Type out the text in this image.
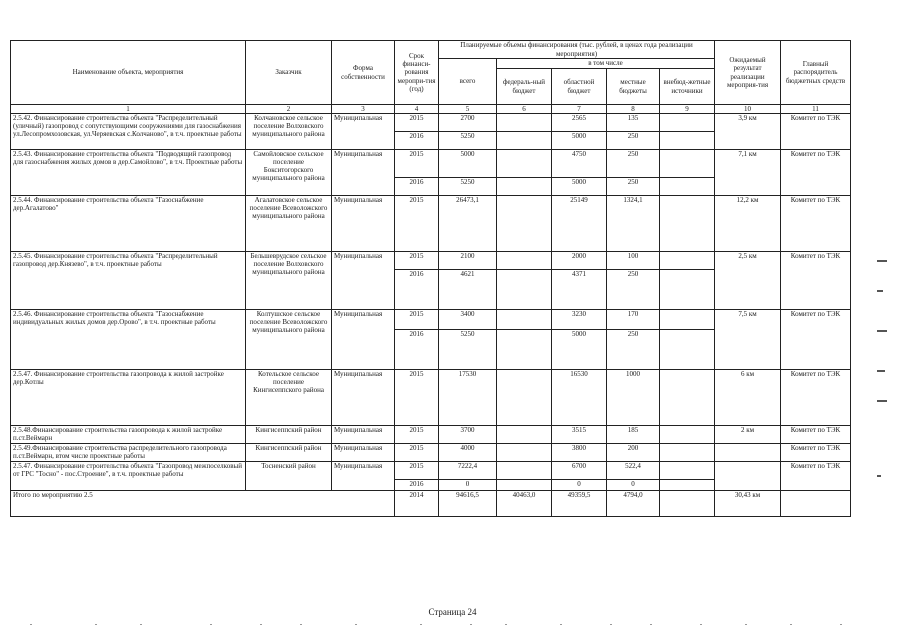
Наименование объекта, мероприятия	Заказчик	Форма собственности	Срок финанси-рования меропри-тия (год)	Планируемые объемы финансирования (тыс. рублей, в ценах года реализации мероприятия)					Ожидаемый результат реализации мероприя-тия	Главный распорядитель бюджетных средств
				всего	в том числе					
					федераль-ный бюджет	областной бюджет	местные бюджеты	внебюд-жетные источники		
1	2	3	4	5	6	7	8	9	10	11
2.5.42. Финансирование строительства объекта "Распределительный (уличный) газопровод с сопутствующими сооружениями для газоснабжения ул.Лесопромхозовская, ул.Черяевская с.Колчаново", в т.ч. проектные работы	Колчановское сельское поселение Волховского муниципального района	Муниципальная	2015	2700		2565	135		3,9 км	Комитет по ТЭК
			2016	5250		5000	250			
2.5.43. Финансирование строительства объекта "Подводящий газопровод для газоснабжения жилых домов в дер.Самойлово", в т.ч. Проектные работы	Самойловское сельское поселение Бокситогорского муниципального района	Муниципальная	2015	5000		4750	250		7,1 км	Комитет по ТЭК
			2016	5250		5000	250			
2.5.44. Финансирование строительства объекта "Газоснабжение дер.Агалатово"	Агалатовское сельское поселение Всеволожского муниципального района	Муниципальная	2015	26473,1		25149	1324,1		12,2 км	Комитет по ТЭК
2.5.45. Финансирование строительства объекта "Распределительный газопровод дер.Князево", в т.ч. проектные работы	Бельшеврудское сельское поселение Волховского муниципального района	Муниципальная	2015	2100		2000	100		2,5 км	Комитет по ТЭК
			2016	4621		4371	250			
2.5.46. Финансирование строительства объекта "Газоснабжение индивидуальных жилых домов дер.Орово", в т.ч. проектные работы	Колтушское сельское поселение Всеволожского муниципального района	Муниципальная	2015	3400		3230	170		7,5 км	Комитет по ТЭК
			2016	5250		5000	250			
2.5.47. Финансирование строительства газопровода к жилой застройке дер.Котлы	Котельское сельское поселение Кингисеппского района	Муниципальная	2015	17530		16530	1000		6 км	Комитет по ТЭК
2.5.48.Финансирование строительства газопровода к жилой застройке п.ст.Веймарн	Кингисеппский район	Муниципальная	2015	3700		3515	185		2 км	Комитет по ТЭК
2.5.49.Финансирование строительства распределительного газопровода п.ст.Веймарн, втом числе проектные работы	Кингисеппский район	Муниципальная	2015	4000		3800	200			Комитет по ТЭК
2.5.47. Финансирование строительства объекта "Газопровод межпоселковый от ГРС "Тосно" - пос.Строение", в т.ч. проектные работы	Тосненский район	Муниципальная	2015	7222,4		6700	522,4			Комитет по ТЭК
			2016	0		0	0			
Итого по мероприятию 2.5			2014	94616,5	40463,0	49359,5	4794,0		30,43 км	
Страница 24
